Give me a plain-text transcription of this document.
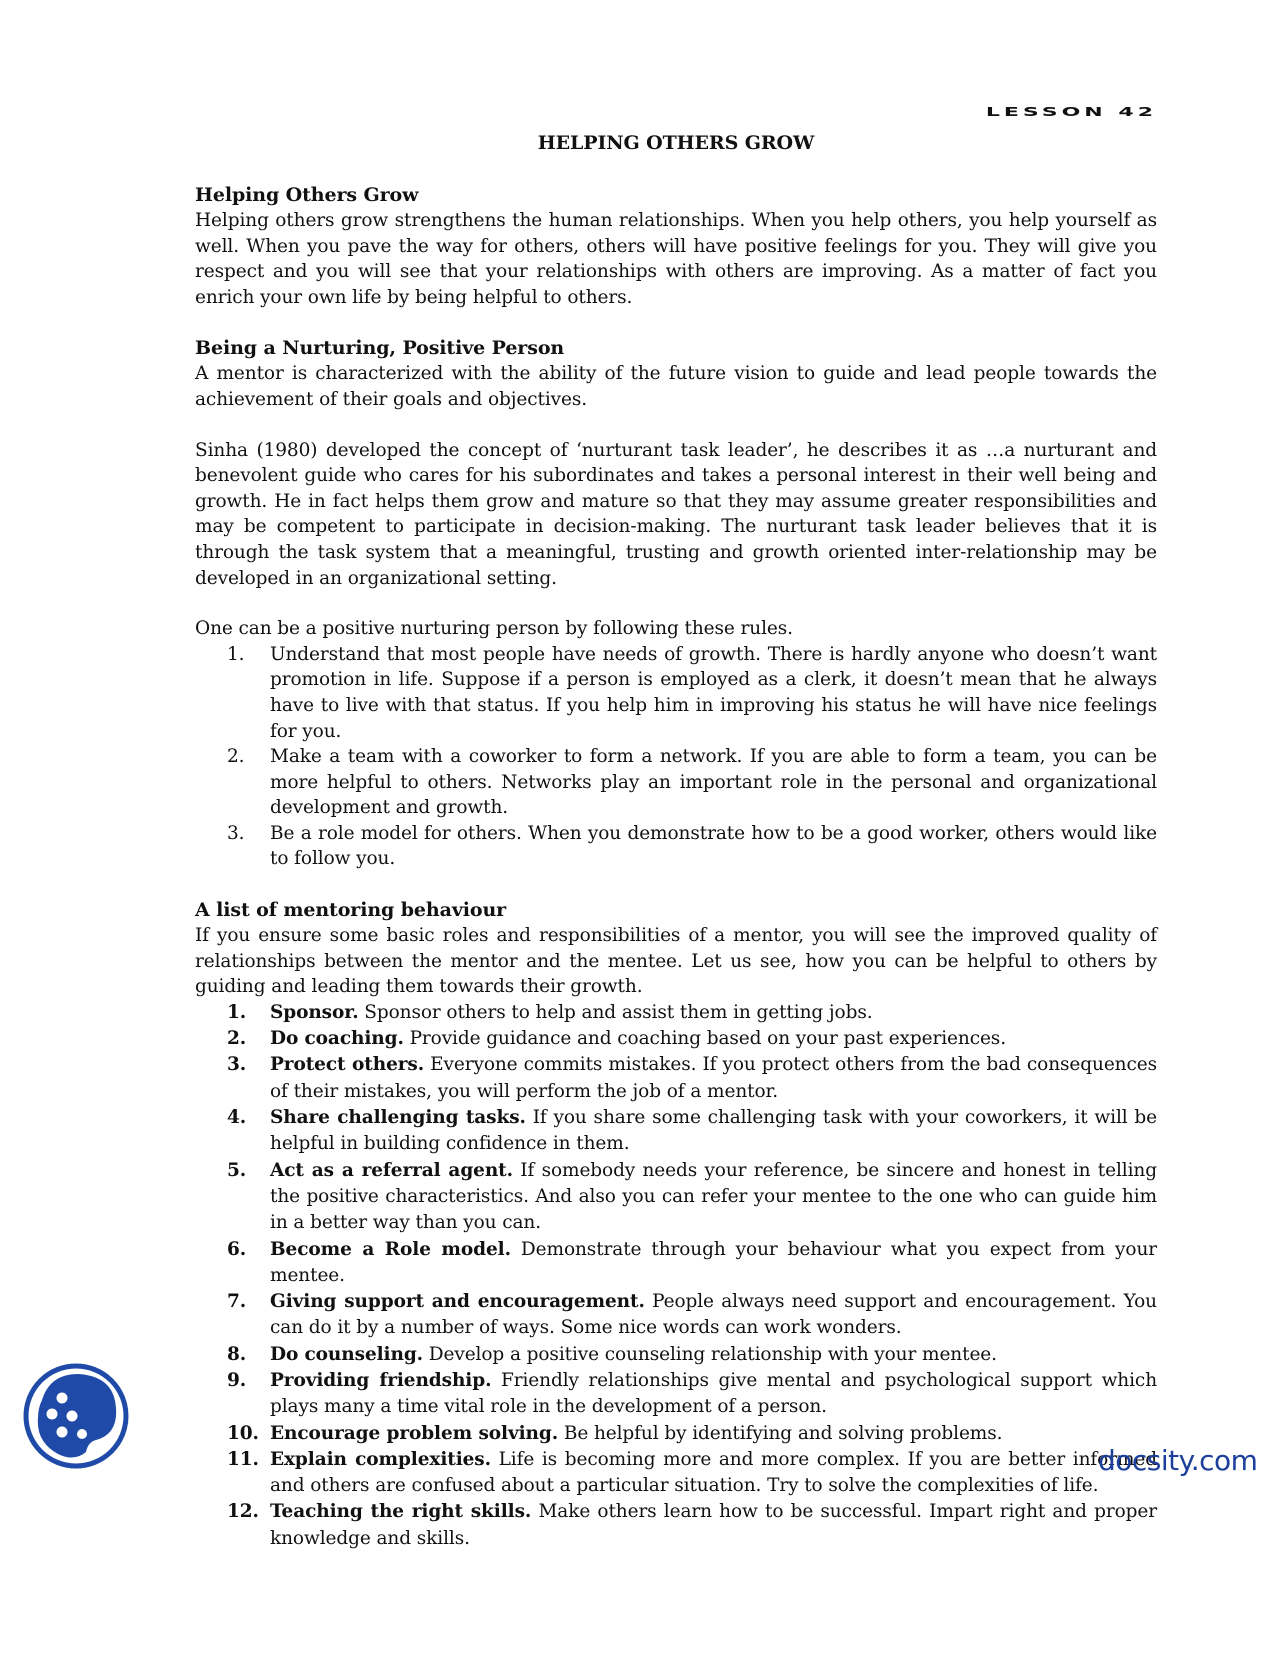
LESSON 42
HELPING OTHERS GROW
Helping Others Grow

Helping others grow strengthens the human relationships. When you help others, you help yourself as well. When you pave the way for others, others will have positive feelings for you. They will give you respect and you will see that your relationships with others are improving. As a matter of fact you enrich your own life by being helpful to others.

Being a Nurturing, Positive Person

A mentor is characterized with the ability of the future vision to guide and lead people towards the achievement of their goals and objectives.

Sinha (1980) developed the concept of ‘nurturant task leader’, he describes it as …a nurturant and benevolent guide who cares for his subordinates and takes a personal interest in their well being and growth. He in fact helps them grow and mature so that they may assume greater responsibilities and may be competent to participate in decision-making. The nurturant task leader believes that it is through the task system that a meaningful, trusting and growth oriented inter-relationship may be developed in an organizational setting.

One can be a positive nurturing person by following these rules.

1.	Understand that most people have needs of growth. There is hardly anyone who doesn’t want promotion in life. Suppose if a person is employed as a clerk, it doesn’t mean that he always have to live with that status. If you help him in improving his status he will have nice feelings for you.
2.	Make a team with a coworker to form a network. If you are able to form a team, you can be more helpful to others. Networks play an important role in the personal and organizational development and growth.
3.	Be a role model for others. When you demonstrate how to be a good worker, others would like to follow you.
A list of mentoring behaviour

If you ensure some basic roles and responsibilities of a mentor, you will see the improved quality of relationships between the mentor and the mentee. Let us see, how you can be helpful to others by guiding and leading them towards their growth.

1.	Sponsor. Sponsor others to help and assist them in getting jobs.
2.	Do coaching. Provide guidance and coaching based on your past experiences.
3.	Protect others. Everyone commits mistakes. If you protect others from the bad consequences of their mistakes, you will perform the job of a mentor.
4.	Share challenging tasks. If you share some challenging task with your coworkers, it will be helpful in building confidence in them.
5.	Act as a referral agent. If somebody needs your reference, be sincere and honest in telling the positive characteristics. And also you can refer your mentee to the one who can guide him in a better way than you can.
6.	Become a Role model. Demonstrate through your behaviour what you expect from your mentee.
7.	Giving support and encouragement. People always need support and encouragement. You can do it by a number of ways. Some nice words can work wonders.
8.	Do counseling. Develop a positive counseling relationship with your mentee.
9.	Providing friendship. Friendly relationships give mental and psychological support which plays many a time vital role in the development of a person.
10. Encourage problem solving. Be helpful by identifying and solving problems.
11. Explain complexities. Life is becoming more and more complex. If you are better informed and others are confused about a particular situation. Try to solve the complexities of life.
12. Teaching the right skills. Make others learn how to be successful. Impart right and proper knowledge and skills.
docsity.com
